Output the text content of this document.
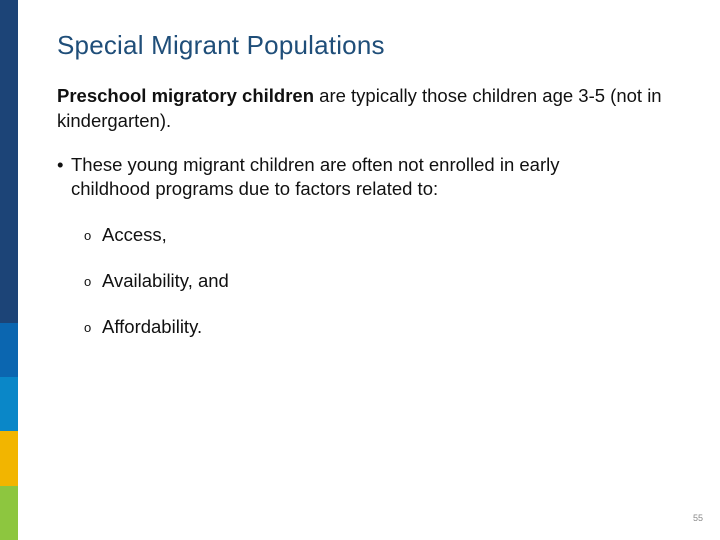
Special Migrant Populations
Preschool migratory children are typically those children age 3-5 (not in kindergarten).
• These young migrant children are often not enrolled in early
childhood programs due to factors related to:
o Access,
o Availability, and
o Affordability.
55
